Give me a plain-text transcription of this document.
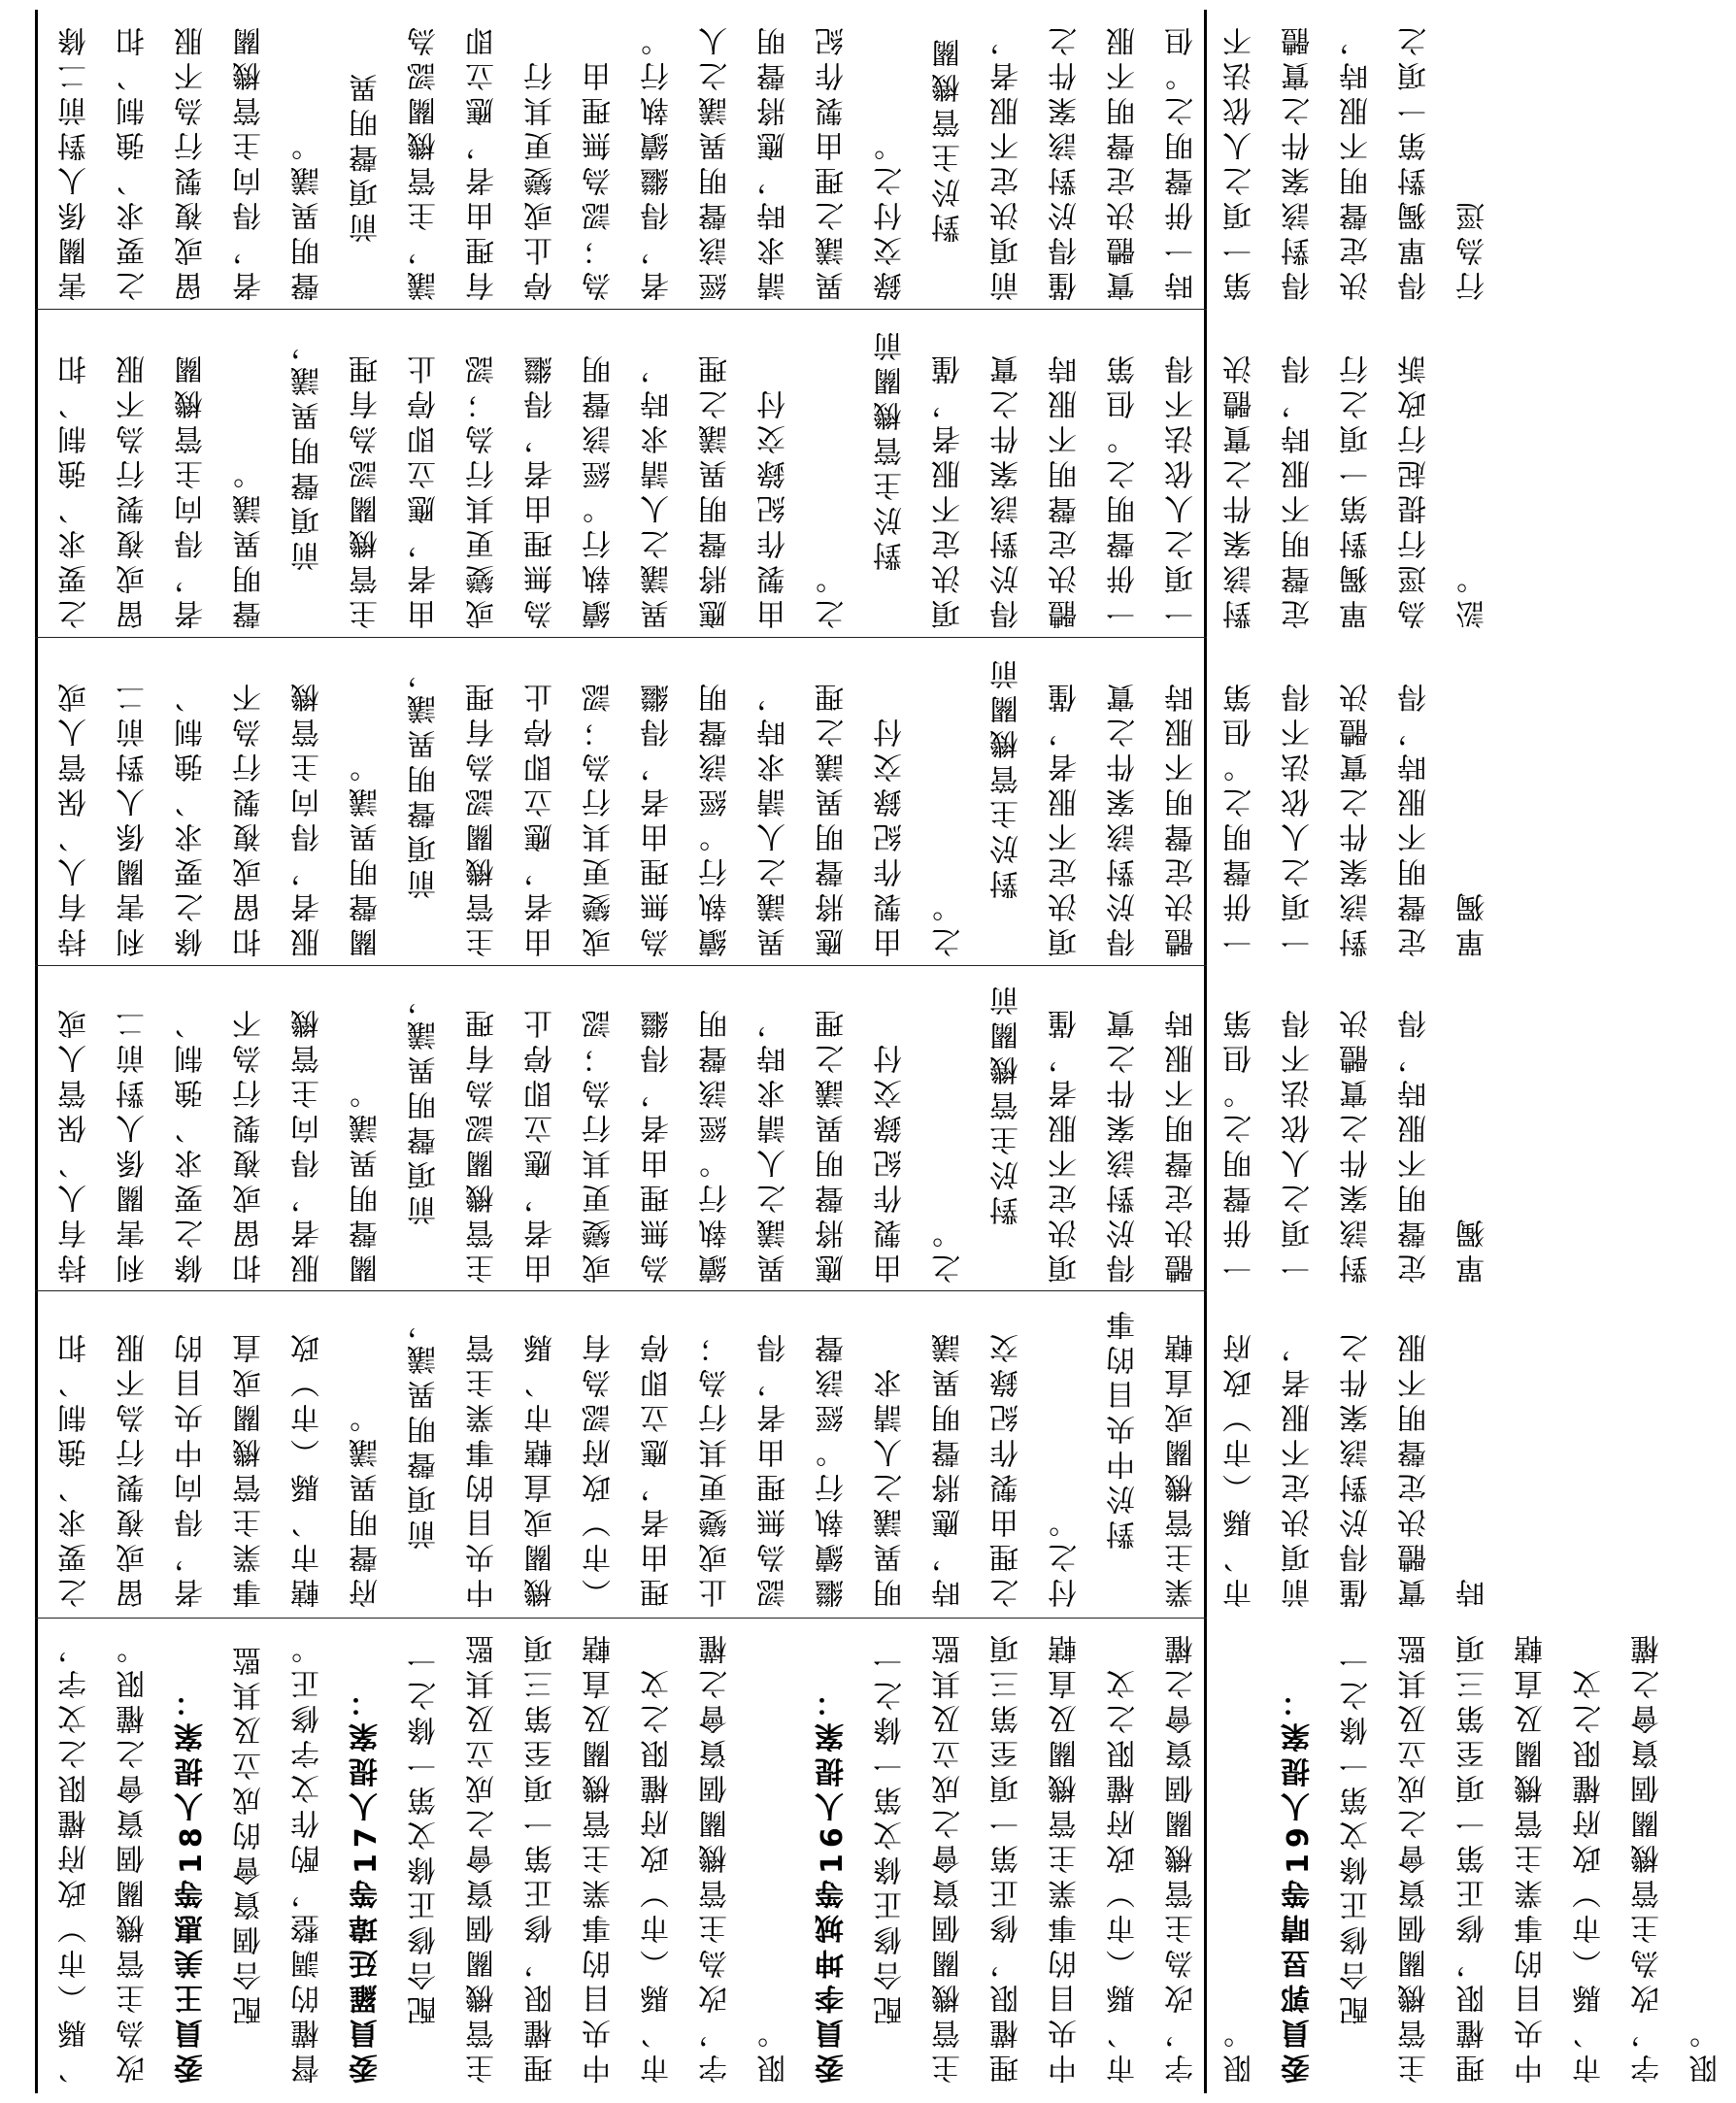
、縣（市）政府權限之文字，改為主管機關個資會之權限。 委員王美惠等18人提案： 配合個資會的成立及其監督權的調整，酌作文字修正。 委員羅廷瑋等17人提案： 配合修正條文第一條之一主管機關個資會之成立及其監理權限，修正第一項至第三項中央目的事業主管機關及直轄市、縣（市）政府權限之文字，改為主管機關個資會之權限。 委員李坤城等16人提案： 配合修正條文第一條之一主管機關個資會之成立及其監理權限，修正第一項至第三項中央目的事業主管機關及直轄市、縣（市）政府權限之文字，改為主管機關個資會之權限。 委員郭昱晴等19人提案： 配合修正條文第一條之一主管機關個資會之成立及其監理權限，修正第一項至第三項中央目的事業主管機關及直轄市、縣（市）政府權限之文字，改為主管機關個資會之權限。

之要求、強制、扣留或複製行為不服者，得向中央目的事業主管機關或直轄市、縣（市）政府聲明異議。 前項聲明異議，中央目的事業主管機關或直轄市、縣（市）政府認為有理由者，應立即停止或變更其行為；認為無理由者，得繼續執行。經該聲明異議之人請求時，應將聲明異議之理由製作紀錄交付之。

對於中央目的事業主管機關或直轄市、縣（市）政府前項決定不服者，僅得於對該案件之實體決定聲明不服時

持有人、保管人或利害關係人對前二條之要求、強制、扣留或複製行為不服者，得向主管機關聲明異議。 前項聲明異議，主管機關認為有理由者，應立即停止或變更其行為；認為無理由者，得繼續執行。經該聲明異議之人請求時，應將聲明異議之理由製作紀錄交付之。

對於主管機關前項決定不服者，僅得於對該案件之實體決定聲明不服時一併聲明之。但第一項之人依法不得對該案件之實體決定聲明不服時，得單獨

持有人、保管人或利害關係人對前二條之要求、強制、扣留或複製行為不服者，得向主管機關聲明異議。 前項聲明異議，主管機關認為有理由者，應立即停止或變更其行為；認為無理由者，得繼續執行。經該聲明異議之人請求時，應將聲明異議之理由製作紀錄交付之。

對於主管機關前項決定不服者，僅得於對該案件之實體決定聲明不服時一併聲明之。但第一項之人依法不得對該案件之實體決定聲明不服時，得單獨

之要求、強制、扣留或複製行為不服者，得向主管機關聲明異議。 前項聲明異議，主管機關認為有理由者，應立即停止或變更其行為；認為無理由者，得繼續執行。經該聲明異議之人請求時，應將聲明異議之理由製作紀錄交付之。

對於主管機關前項決定不服者，僅得於對該案件之實體決定聲明不服時一併聲明之。但第一項之人依法不得對該案件之實體決定聲明不服時，得單獨對第一項之行為逕行提起行政訴訟。

害關係人對前二條之要求、強制、扣留或複製行為不服者，得向主管機關聲明異議。 前項聲明異議，主管機關認為有理由者，應立即停止或變更其行為；認為無理由者，得繼續執行。經該聲明異議之人請求時，應將聲明異議之理由製作紀錄交付之。 對於主管機關前項決定不服者，僅得於對該案件之實體決定聲明不服時一併聲明之。但第一項之人依法不得對該案件之實體決定聲明不服時，得單獨對第一項之行為逕
